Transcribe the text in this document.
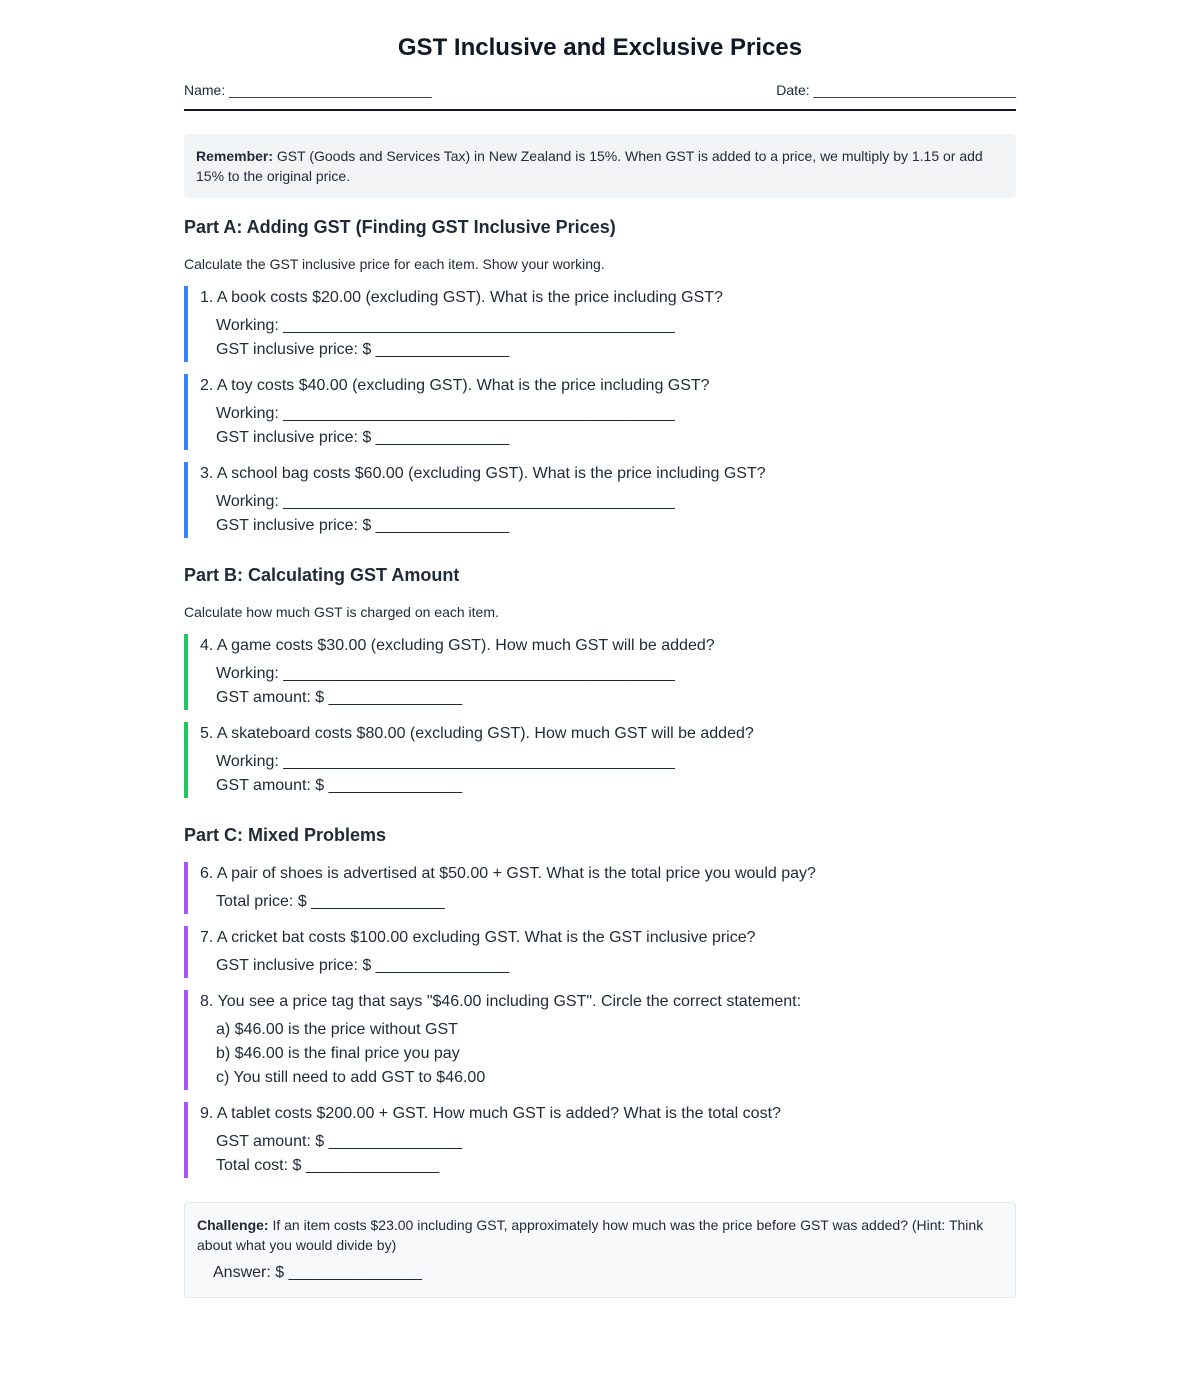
GST Inclusive and Exclusive Prices
Name: __________________________	Date: __________________________
Remember: GST (Goods and Services Tax) in New Zealand is 15%. When GST is added to a price, we multiply by 1.15 or add 15% to the original price.
Part A: Adding GST (Finding GST Inclusive Prices)
Calculate the GST inclusive price for each item. Show your working.
1. A book costs $20.00 (excluding GST). What is the price including GST?
Working: ____________________________________________
GST inclusive price: $ _______________
2. A toy costs $40.00 (excluding GST). What is the price including GST?
Working: ____________________________________________
GST inclusive price: $ _______________
3. A school bag costs $60.00 (excluding GST). What is the price including GST?
Working: ____________________________________________
GST inclusive price: $ _______________
Part B: Calculating GST Amount
Calculate how much GST is charged on each item.
4. A game costs $30.00 (excluding GST). How much GST will be added?
Working: ____________________________________________
GST amount: $ _______________
5. A skateboard costs $80.00 (excluding GST). How much GST will be added?
Working: ____________________________________________
GST amount: $ _______________
Part C: Mixed Problems
6. A pair of shoes is advertised at $50.00 + GST. What is the total price you would pay?
Total price: $ _______________
7. A cricket bat costs $100.00 excluding GST. What is the GST inclusive price?
GST inclusive price: $ _______________
8. You see a price tag that says "$46.00 including GST". Circle the correct statement:
a) $46.00 is the price without GST
b) $46.00 is the final price you pay
c) You still need to add GST to $46.00
9. A tablet costs $200.00 + GST. How much GST is added? What is the total cost?
GST amount: $ _______________
Total cost: $ _______________
Challenge: If an item costs $23.00 including GST, approximately how much was the price before GST was added? (Hint: Think about what you would divide by)
Answer: $ _______________
